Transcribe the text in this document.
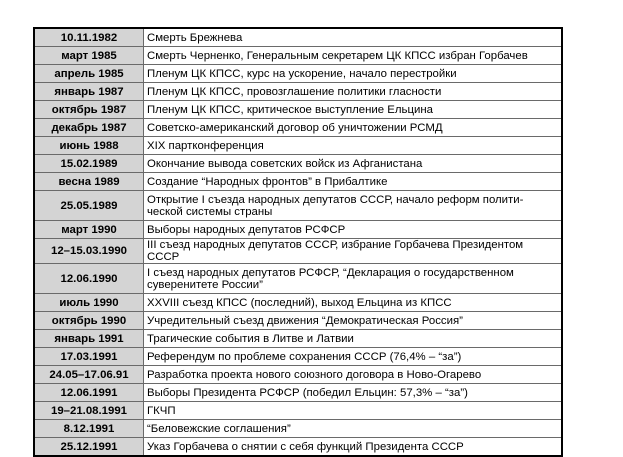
10.11.1982	Смерть Брежнева
март 1985	Смерть Черненко, Генеральным секретарем ЦК КПСС избран Горбачев
апрель 1985	Пленум ЦК КПСС, курс на ускорение, начало перестройки
январь 1987	Пленум ЦК КПСС, провозглашение политики гласности
октябрь 1987	Пленум ЦК КПСС, критическое выступление Ельцина
декабрь 1987	Советско-американский договор об уничтожении РСМД
июнь 1988	XIX партконференция
15.02.1989	Окончание вывода советских войск из Афганистана
весна 1989	Создание “Народных фронтов” в Прибалтике
25.05.1989	Открытие I съезда народных депутатов СССР, начало реформ полити-ческой системы страны
март 1990	Выборы народных депутатов РСФСР
12–15.03.1990	III съезд народных депутатов СССР, избрание Горбачева Президентом СССР
12.06.1990	I съезд народных депутатов РСФСР, “Декларация о государственном суверенитете России”
июль 1990	XXVIII съезд КПСС (последний), выход Ельцина из КПСС
октябрь 1990	Учредительный съезд движения “Демократическая Россия”
январь 1991	Трагические события в Литве и Латвии
17.03.1991	Референдум по проблеме сохранения СССР (76,4% – “за”)
24.05–17.06.91	Разработка проекта нового союзного договора в Ново-Огарево
12.06.1991	Выборы Президента РСФСР (победил Ельцин: 57,3% – “за”)
19–21.08.1991	ГКЧП
8.12.1991	“Беловежские соглашения”
25.12.1991	Указ Горбачева о снятии с себя функций Президента СССР
